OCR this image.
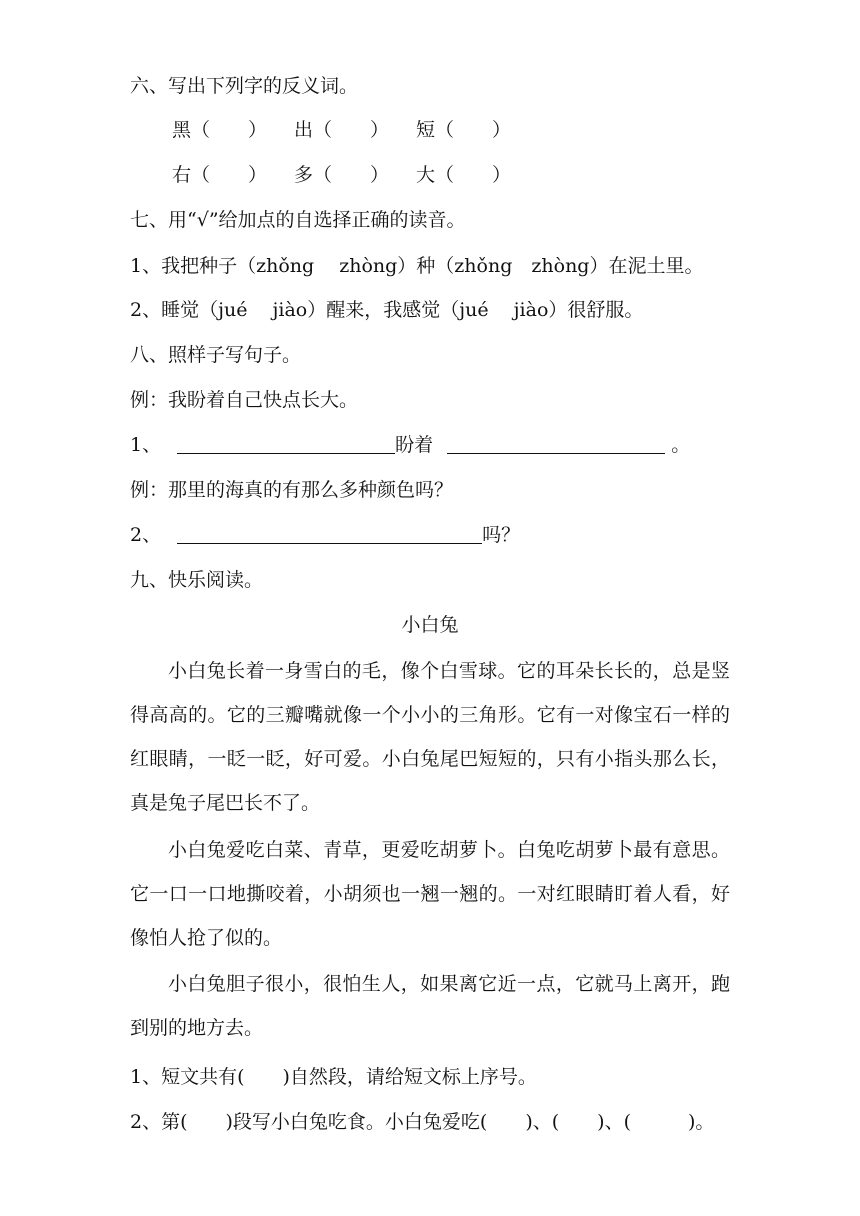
六、写出下列字的反义词。
黑（　　） 出（　　） 短（　　）
右（　　） 多（　　） 大（　　）
七、用“√”给加点的自选择正确的读音。
1、我把种子（zhǒng　 zhòng）种（zhǒng　zhòng）在泥土里。
2、睡觉（jué　 jiào）醒来，我感觉（jué　 jiào）很舒服。
八、照样子写句子。
例：我盼着自己快点长大。
1、	盼着	。
例：那里的海真的有那么多种颜色吗？
2、	吗？
九、快乐阅读。
小白兔
小白兔长着一身雪白的毛，像个白雪球。它的耳朵长长的，总是竖得高高的。它的三瓣嘴就像一个小小的三角形。它有一对像宝石一样的红眼睛，一眨一眨，好可爱。小白兔尾巴短短的，只有小指头那么长，真是兔子尾巴长不了。
小白兔爱吃白菜、青草，更爱吃胡萝卜。白兔吃胡萝卜最有意思。它一口一口地撕咬着，小胡须也一翘一翘的。一对红眼睛盯着人看，好像怕人抢了似的。
小白兔胆子很小，很怕生人，如果离它近一点，它就马上离开，跑到别的地方去。
1、短文共有(　　)自然段，请给短文标上序号。
2、第(　　)段写小白兔吃食。小白兔爱吃(　　)、(　　)、(　　　)。
